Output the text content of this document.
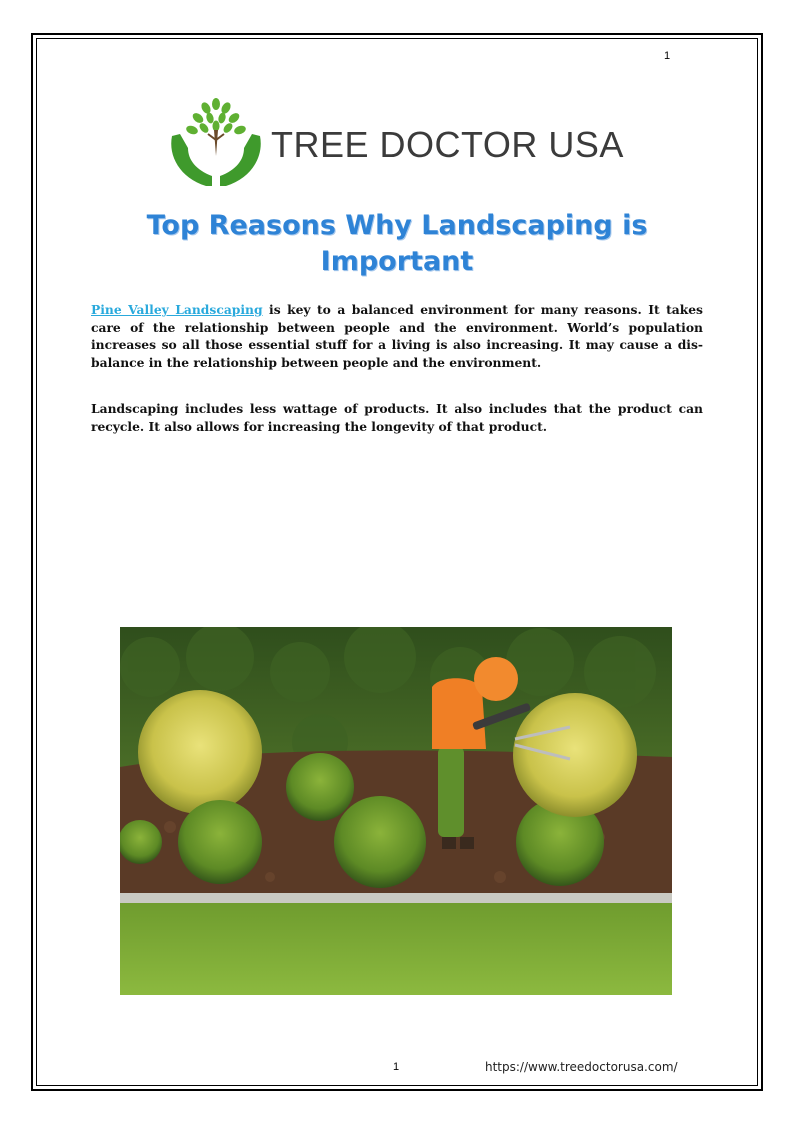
1
TREE DOCTOR USA
Top Reasons Why Landscaping is
Important

Pine Valley Landscaping is key to a balanced environment for many reasons. It takes care of the relationship between people and the environment. World’s population increases so all those essential stuff for a living is also increasing. It may cause a dis-balance in the relationship between people and the environment.

Landscaping includes less wattage of products. It also includes that the product can recycle. It also allows for increasing the longevity of that product.

1	https://www.treedoctorusa.com/
